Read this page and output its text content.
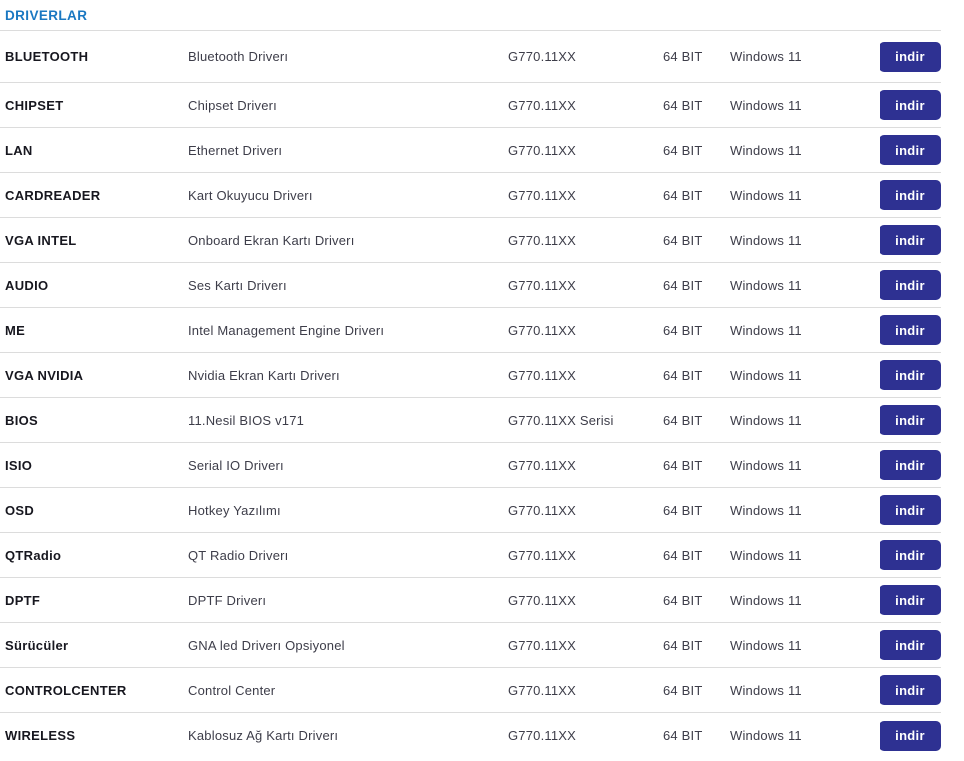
DRIVERLAR
BLUETOOTH	Bluetooth Driverı	G770.11XX	64 BIT	Windows 11	indir
CHIPSET	Chipset Driverı	G770.11XX	64 BIT	Windows 11	indir
LAN	Ethernet Driverı	G770.11XX	64 BIT	Windows 11	indir
CARDREADER	Kart Okuyucu Driverı	G770.11XX	64 BIT	Windows 11	indir
VGA INTEL	Onboard Ekran Kartı Driverı	G770.11XX	64 BIT	Windows 11	indir
AUDIO	Ses Kartı Driverı	G770.11XX	64 BIT	Windows 11	indir
ME	Intel Management Engine Driverı	G770.11XX	64 BIT	Windows 11	indir
VGA NVIDIA	Nvidia Ekran Kartı Driverı	G770.11XX	64 BIT	Windows 11	indir
BIOS	11.Nesil BIOS v171	G770.11XX Serisi	64 BIT	Windows 11	indir
ISIO	Serial IO Driverı	G770.11XX	64 BIT	Windows 11	indir
OSD	Hotkey Yazılımı	G770.11XX	64 BIT	Windows 11	indir
QTRadio	QT Radio Driverı	G770.11XX	64 BIT	Windows 11	indir
DPTF	DPTF Driverı	G770.11XX	64 BIT	Windows 11	indir
Sürücüler	GNA led Driverı Opsiyonel	G770.11XX	64 BIT	Windows 11	indir
CONTROLCENTER	Control Center	G770.11XX	64 BIT	Windows 11	indir
WIRELESS	Kablosuz Ağ Kartı Driverı	G770.11XX	64 BIT	Windows 11	indir
